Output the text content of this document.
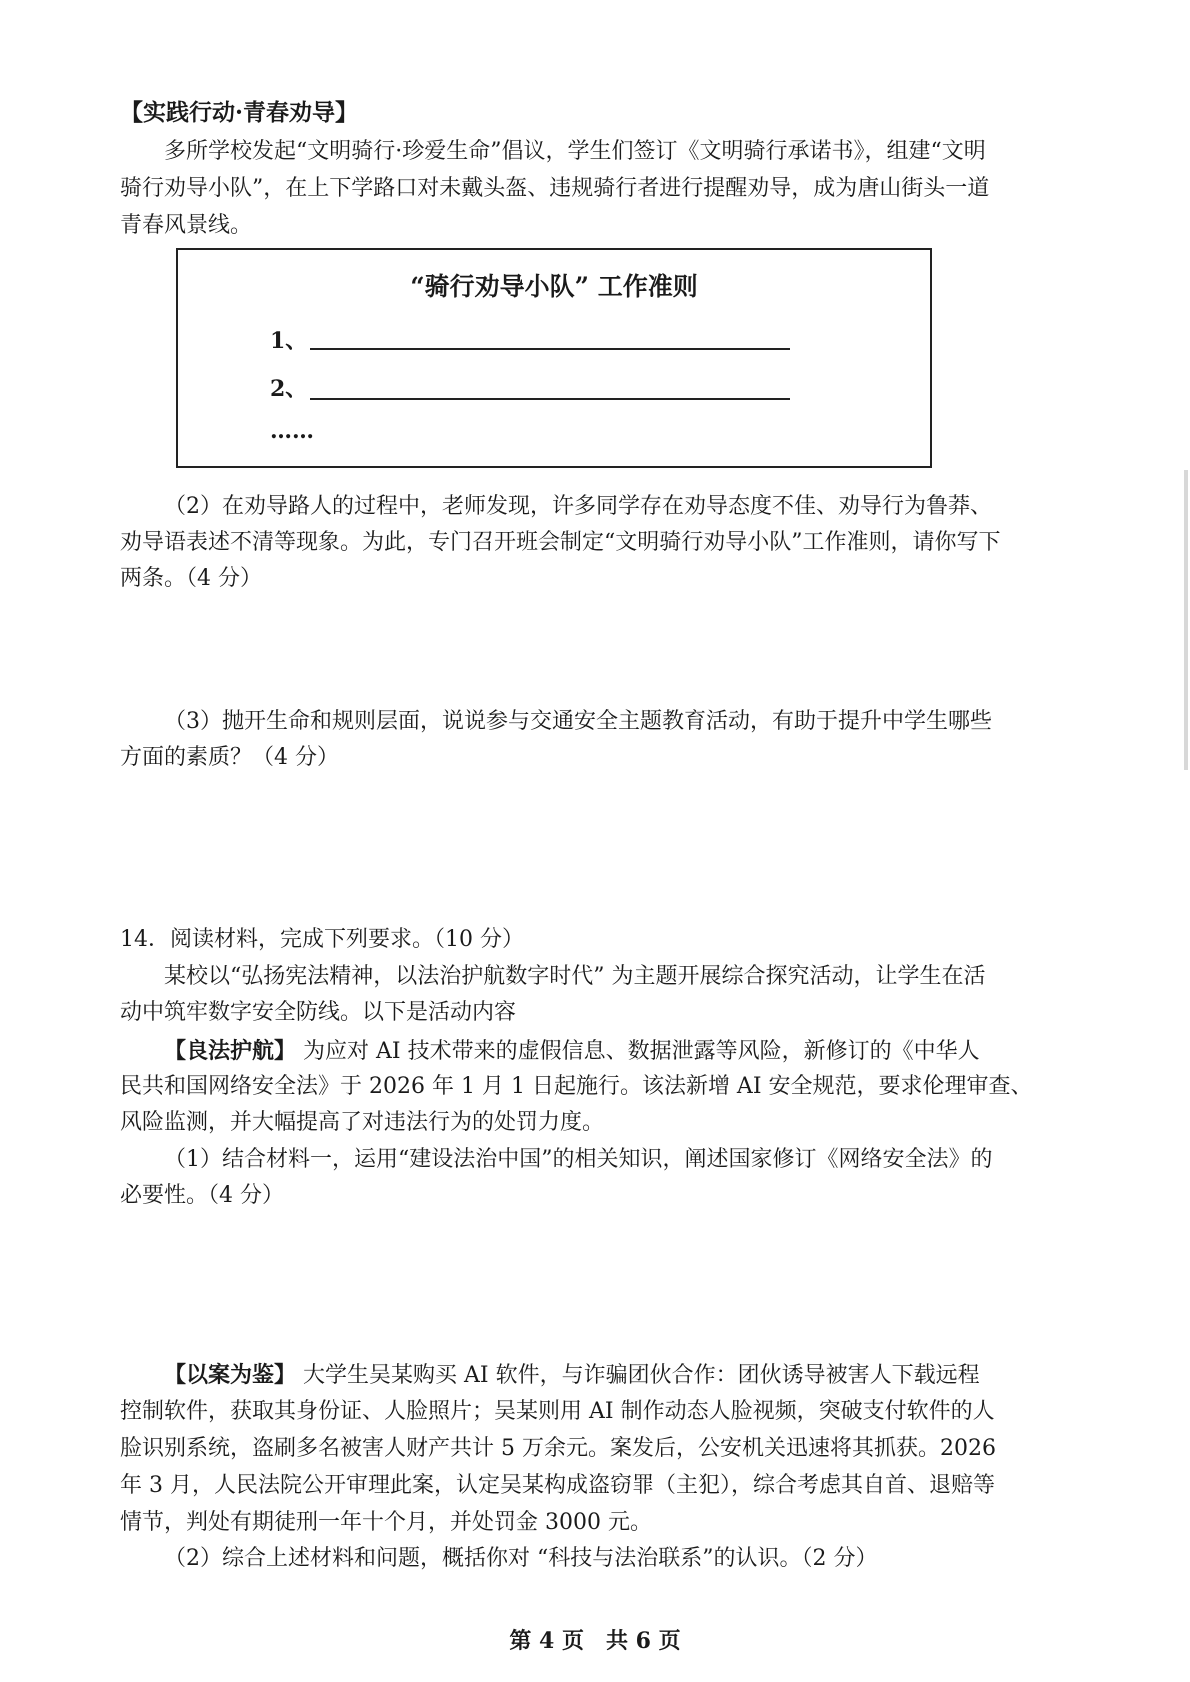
【实践行动·青春劝导】
多所学校发起“文明骑行·珍爱生命”倡议，学生们签订《文明骑行承诺书》，组建“文明
骑行劝导小队”，在上下学路口对未戴头盔、违规骑行者进行提醒劝导，成为唐山街头一道
青春风景线。
“骑行劝导小队” 工作准则
1、
2、
……
（2）在劝导路人的过程中，老师发现，许多同学存在劝导态度不佳、劝导行为鲁莽、
劝导语表述不清等现象。为此，专门召开班会制定“文明骑行劝导小队”工作准则，请你写下
两条。（4 分）
（3）抛开生命和规则层面，说说参与交通安全主题教育活动，有助于提升中学生哪些
方面的素质？（4 分）
14．阅读材料，完成下列要求。（10 分）
某校以“弘扬宪法精神，以法治护航数字时代” 为主题开展综合探究活动，让学生在活
动中筑牢数字安全防线。以下是活动内容
【良法护航】 为应对 AI 技术带来的虚假信息、数据泄露等风险，新修订的《中华人
民共和国网络安全法》于 2026 年 1 月 1 日起施行。该法新增 AI 安全规范，要求伦理审查、
风险监测，并大幅提高了对违法行为的处罚力度。
（1）结合材料一，运用“建设法治中国”的相关知识，阐述国家修订《网络安全法》的
必要性。（4 分）
【以案为鉴】 大学生吴某购买 AI 软件，与诈骗团伙合作：团伙诱导被害人下载远程
控制软件，获取其身份证、人脸照片；吴某则用 AI 制作动态人脸视频，突破支付软件的人
脸识别系统，盗刷多名被害人财产共计 5 万余元。案发后，公安机关迅速将其抓获。2026
年 3 月，人民法院公开审理此案，认定吴某构成盗窃罪（主犯），综合考虑其自首、退赔等
情节，判处有期徒刑一年十个月，并处罚金 3000 元。
（2）综合上述材料和问题，概括你对 “科技与法治联系”的认识。（2 分）
第 4 页　共 6 页
